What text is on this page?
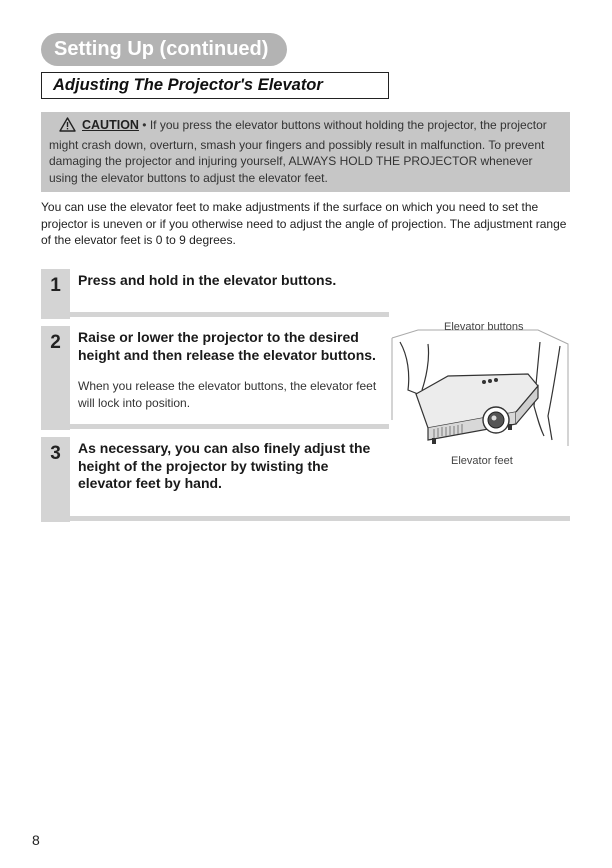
Setting Up (continued)
Adjusting The Projector's Elevator
CAUTION • If you press the elevator buttons without holding the projector, the projector might crash down, overturn, smash your fingers and possibly result in malfunction. To prevent damaging the projector and injuring yourself, ALWAYS HOLD THE PROJECTOR whenever using the elevator buttons to adjust the elevator feet.
You can use the elevator feet to make adjustments if the surface on which you need to set the projector is uneven or if you otherwise need to adjust the angle of projection. The adjustment range of the elevator feet is 0 to 9 degrees.
1	Press and hold in the elevator buttons.
2	Raise or lower the projector to the desired height and then release the elevator buttons.
When you release the elevator buttons, the elevator feet will lock into position.
3	As necessary, you can also finely adjust the height of the projector by twisting the elevator feet by hand.
Elevator buttons
Elevator feet
8
